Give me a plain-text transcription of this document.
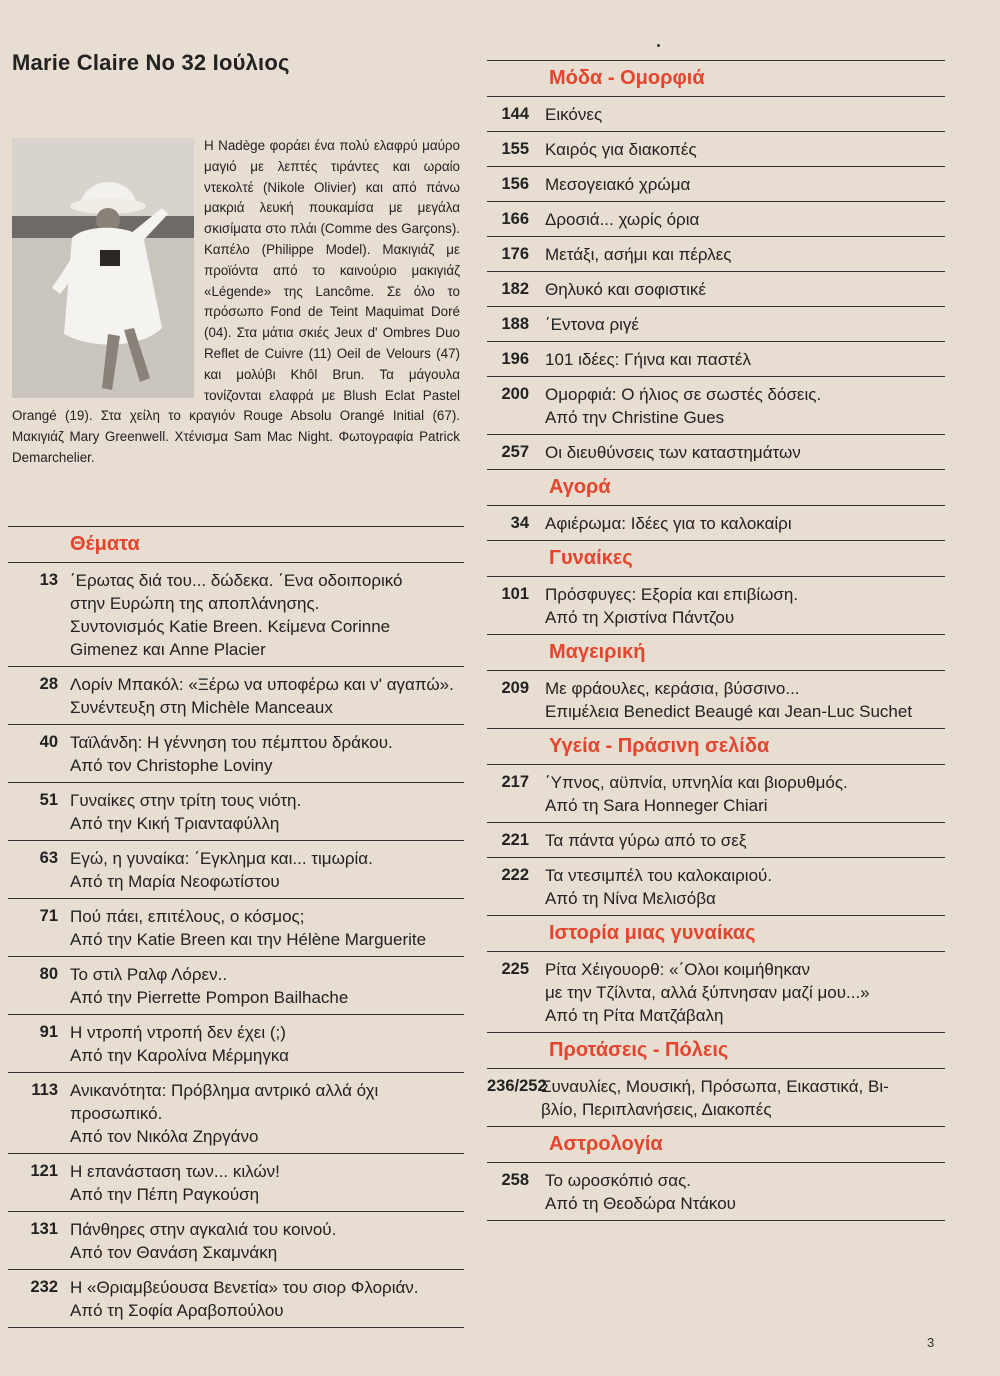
Marie Claire No 32 Ιούλιος
Η Nadège φοράει ένα πολύ ελαφρύ μαύρο μαγιό με λεπτές τιράντες και ωραίο ντεκολτέ (Nikole Olivier) και από πάνω μακριά λευκή πουκαμίσα με μεγάλα σκισίματα στο πλάι (Comme des Garçons). Καπέλο (Philippe Model). Μακιγιάζ με προϊόντα από το καινούριο μακιγιάζ «Légende» της Lancôme. Σε όλο το πρόσωπο Fond de Teint Maquimat Doré (04). Στα μάτια σκιές Jeux d' Ombres Duo Reflet de Cuivre (11) Oeil de Velours (47) και μολύβι Khôl Brun. Τα μάγουλα τονίζονται ελαφρά με Blush Eclat Pastel Orangé (19). Στα χείλη το κραγιόν Rouge Absolu Orangé Initial (67). Μακιγιάζ Mary Greenwell. Χτένισμα Sam Mac Night. Φωτογραφία Patrick Demarchelier.
Θέματα
13 ΄Ερωτας διά του... δώδεκα. ΄Ενα οδοιπορικό
στην Ευρώπη της αποπλάνησης.
Συντονισμός Katie Breen. Κείμενα Corinne
Gimenez και Anne Placier
28 Λορίν Μπακόλ: «Ξέρω να υποφέρω και ν' αγαπώ».
Συνέντευξη στη Michèle Manceaux
40 Ταϊλάνδη: Η γέννηση του πέμπτου δράκου.
Από τον Christophe Loviny
51 Γυναίκες στην τρίτη τους νιότη.
Από την Κική Τριανταφύλλη
63 Εγώ, η γυναίκα: ΄Εγκλημα και... τιμωρία.
Από τη Μαρία Νεοφωτίστου
71 Πού πάει, επιτέλους, ο κόσμος;
Από την Katie Breen και την Hélène Marguerite
80 Το στιλ Ραλφ Λόρεν..
Από την Pierrette Pompon Bailhache
91 Η ντροπή ντροπή δεν έχει (;)
Από την Καρολίνα Μέρμηγκα
113 Ανικανότητα: Πρόβλημα αντρικό αλλά όχι
προσωπικό.
Από τον Νικόλα Ζηργάνο
121 Η επανάσταση των... κιλών!
Από την Πέπη Ραγκούση
131 Πάνθηρες στην αγκαλιά του κοινού.
Από τον Θανάση Σκαμνάκη
232 Η «Θριαμβεύουσα Βενετία» του σιορ Φλοριάν.
Από τη Σοφία Αραβοπούλου
Μόδα - Ομορφιά
144 Εικόνες
155 Καιρός για διακοπές
156 Μεσογειακό χρώμα
166 Δροσιά... χωρίς όρια
176 Μετάξι, ασήμι και πέρλες
182 Θηλυκό και σοφιστικέ
188 ΄Εντονα ριγέ
196 101 ιδέες: Γήινα και παστέλ
200 Ομορφιά: Ο ήλιος σε σωστές δόσεις.
Από την Christine Gues
257 Οι διευθύνσεις των καταστημάτων
Αγορά
34 Αφιέρωμα: Ιδέες για το καλοκαίρι
Γυναίκες
101 Πρόσφυγες: Εξορία και επιβίωση.
Από τη Χριστίνα Πάντζου
Μαγειρική
209 Με φράουλες, κεράσια, βύσσινο...
Επιμέλεια Benedict Beaugé και Jean-Luc Suchet
Υγεία - Πράσινη σελίδα
217 ΄Υπνος, αϋπνία, υπνηλία και βιορυθμός.
Από τη Sara Honneger Chiari
221 Τα πάντα γύρω από το σεξ
222 Τα ντεσιμπέλ του καλοκαιριού.
Από τη Νίνα Μελισόβα
Ιστορία μιας γυναίκας
225 Ρίτα Χέιγουορθ: «΄Ολοι κοιμήθηκαν
με την Τζίλντα, αλλά ξύπνησαν μαζί μου...»
Από τη Ρίτα Ματζάβαλη
Προτάσεις - Πόλεις
236/252
Συναυλίες, Μουσική, Πρόσωπα, Εικαστικά, Βι-
βλίο, Περιπλανήσεις, Διακοπές
Αστρολογία
258 Το ωροσκόπιό σας.
Από τη Θεοδώρα Ντάκου
3
